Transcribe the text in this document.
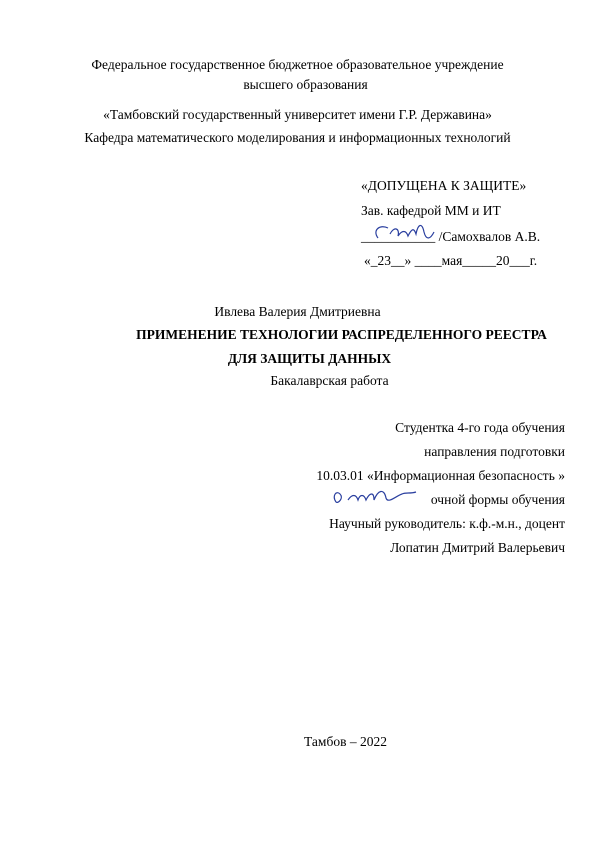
Федеральное государственное бюджетное образовательное учреждение
высшего образования
«Тамбовский государственный университет имени Г.Р. Державина»
Кафедра математического моделирования и информационных технологий
«ДОПУЩЕНА К ЗАЩИТЕ»
Зав. кафедрой ММ и ИТ
___________ /Самохвалов А.В.
«_23__» ____мая_____20___г.
Ивлева Валерия Дмитриевна
ПРИМЕНЕНИЕ ТЕХНОЛОГИИ РАСПРЕДЕЛЕННОГО РЕЕСТРА
ДЛЯ ЗАЩИТЫ ДАННЫХ
Бакалаврская работа
Студентка 4-го года обучения
направления подготовки
10.03.01 «Информационная безопасность »
очной формы обучения
Научный руководитель: к.ф.-м.н., доцент
Лопатин Дмитрий Валерьевич
Тамбов – 2022
